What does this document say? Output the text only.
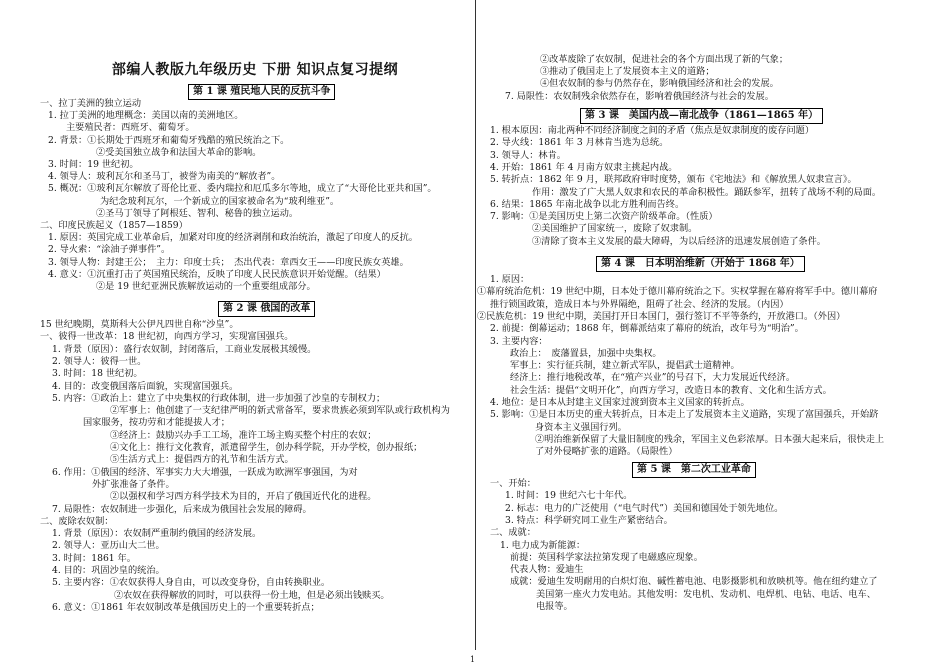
部编人教版九年级历史 下册 知识点复习提纲
第 1 课 殖民地人民的反抗斗争
一、拉丁美洲的独立运动
1. 拉丁美洲的地理概念：美国以南的美洲地区。
主要殖民者：西班牙、葡萄牙。
2. 背景：①长期处于西班牙和葡萄牙残酷的殖民统治之下。
②受美国独立战争和法国大革命的影响。
3. 时间：19 世纪初。
4. 领导人：玻利瓦尔和圣马丁，被誉为南美的“解放者”。
5. 概况：①玻利瓦尔解放了哥伦比亚、委内瑞拉和厄瓜多尔等地，成立了“大哥伦比亚共和国”。
为纪念玻利瓦尔，一个新成立的国家被命名为“玻利维亚”。
②圣马丁领导了阿根廷、智利、秘鲁的独立运动。
二、印度民族起义（1857—1859）
1. 原因：英国完成工业革命后，加紧对印度的经济剥削和政治统治，激起了印度人的反抗。
2. 导火索：“涂油子弹事件”。
3. 领导人物：封建王公；　主力：印度士兵；　杰出代表：章西女王——印度民族女英雄。
4. 意义：①沉重打击了英国殖民统治，反映了印度人民民族意识开始觉醒。（结果）
②是 19 世纪亚洲民族解放运动的一个重要组成部分。
第 2 课 俄国的改革
15 世纪晚期，莫斯科大公伊凡四世自称“沙皇”。
一、彼得一世改革：18 世纪初，向西方学习，实现富国强兵。
1. 背景（原因）：盛行农奴制，封闭落后，工商业发展极其缓慢。
2. 领导人：彼得一世。
3. 时间：18 世纪初。
4. 目的：改变俄国落后面貌，实现富国强兵。
5. 内容：①政治上：建立了中央集权的行政体制，进一步加强了沙皇的专制权力；
②军事上：他创建了一支纪律严明的新式常备军，要求贵族必须到军队或行政机构为
国家服务，按功劳和才能提拔人才；
③经济上：鼓励兴办手工工场，准许工场主购买整个村庄的农奴；
④文化上：推行文化教育，派遣留学生，创办科学院，开办学校，创办报纸；
⑤生活方式上：提倡西方的礼节和生活方式。
6. 作用：①俄国的经济、军事实力大大增强，一跃成为欧洲军事强国，为对
外扩张准备了条件。
②以强权和学习西方科学技术为目的，开启了俄国近代化的进程。
7. 局限性：农奴制进一步强化，后来成为俄国社会发展的障碍。
二、废除农奴制：
1. 背景（原因）：农奴制严重制约俄国的经济发展。
2. 领导人：亚历山大二世。
3. 时间：1861 年。
4. 目的：巩固沙皇的统治。
5. 主要内容：①农奴获得人身自由，可以改变身份，自由转换职业。
②农奴在获得解放的同时，可以获得一份土地，但是必须出钱赎买。
6. 意义：①1861 年农奴制改革是俄国历史上的一个重要转折点；
②改革废除了农奴制，促进社会的各个方面出现了新的气象；
③推动了俄国走上了发展资本主义的道路；
④但农奴制的参与仍然存在，影响俄国经济和社会的发展。
7. 局限性：农奴制残余依然存在，影响着俄国经济与社会的发展。
第 3 课　美国内战—南北战争（1861—1865 年）
1. 根本原因：南北两种不同经济制度之间的矛盾（焦点是奴隶制度的废存问题）
2. 导火线：1861 年 3 月林肯当选为总统。
3. 领导人：林肯。
4. 开始：1861 年 4 月南方奴隶主挑起内战。
5. 转折点：1862 年 9 月，联邦政府审时度势，颁布《宅地法》和《解放黑人奴隶宣言》。
作用：激发了广大黑人奴隶和农民的革命积极性。踊跃参军，扭转了战场不利的局面。
6. 结果：1865 年南北战争以北方胜利而告终。
7. 影响：①是美国历史上第二次资产阶级革命。（性质）
②美国维护了国家统一，废除了奴隶制。
③清除了资本主义发展的最大障碍，为以后经济的迅速发展创造了条件。
第 4 课　日本明治维新（开始于 1868 年）
1. 原因：
①幕府统治危机：19 世纪中期，日本处于德川幕府统治之下。实权掌握在幕府将军手中。德川幕府
推行锁国政策，造成日本与外界隔绝，阻碍了社会、经济的发展。（内因）
②民族危机：19 世纪中期，美国打开日本国门，强行签订不平等条约，开放港口。（外因）
2. 前提：倒幕运动；1868 年，倒幕派结束了幕府的统治，改年号为“明治”。
3. 主要内容：
政治上：　废藩置县，加强中央集权。
军事上：实行征兵制，建立新式军队，提倡武士道精神。
经济上：推行地税改革，在“殖产兴业”的号召下，大力发展近代经济。
社会生活：提倡“文明开化”，向西方学习，改造日本的教育、文化和生活方式。
4. 地位：是日本从封建主义国家过渡到资本主义国家的转折点。
5. 影响：①是日本历史的重大转折点，日本走上了发展资本主义道路，实现了富国强兵，开始跻
身资本主义强国行列。
②明治维新保留了大量旧制度的残余，军国主义色彩浓厚。日本强大起来后，很快走上
了对外侵略扩张的道路。（局限性）
第 5 课　第二次工业革命
一、开始：
1. 时间：19 世纪六七十年代。
2. 标志：电力的广泛使用（“电气时代”）美国和德国处于领先地位。
3. 特点：科学研究同工业生产紧密结合。
二、成就：
1. 电力成为新能源：
前提：英国科学家法拉第发现了电磁感应现象。
代表人物：爱迪生
成就：爱迪生发明耐用的白炽灯泡、碱性蓄电池、电影摄影机和放映机等。他在纽约建立了
美国第一座火力发电站。其他发明：发电机、发动机、电焊机、电钻、电话、电车、
电报等。
1
